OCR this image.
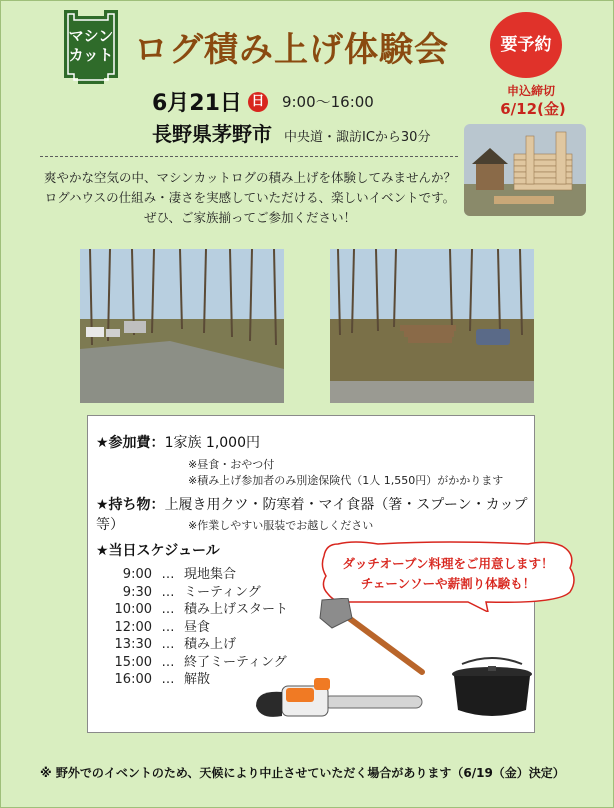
マシン
カット ログ積み上げ体験会	要予約
申込締切
6/12(金)
6月21日 日 9:00〜16:00
長野県茅野市 中央道・諏訪ICから30分
爽やかな空気の中、マシンカットログの積み上げを体験してみませんか？
ログハウスの仕組み・凄さを実感していただける、楽しいイベントです。
ぜひ、ご家族揃ってご参加ください！
★参加費：1家族 1,000円
※昼食・おやつ付
※積み上げ参加者のみ別途保険代（1人 1,550円）がかかります
★持ち物：上履き用クツ・防寒着・マイ食器（箸・スプーン・カップ等）	※作業しやすい服装でお越しください
★当日スケジュール
9:00 … 現地集合
9:30 … ミーティング
10:00 … 積み上げスタート
12:00 … 昼食
13:30 … 積み上げ
15:00 … 終了ミーティング
16:00 … 解散
ダッチオーブン料理をご用意します！
チェーンソーや薪割り体験も！
※ 野外でのイベントのため、天候により中止させていただく場合があります（6/19（金）決定）
